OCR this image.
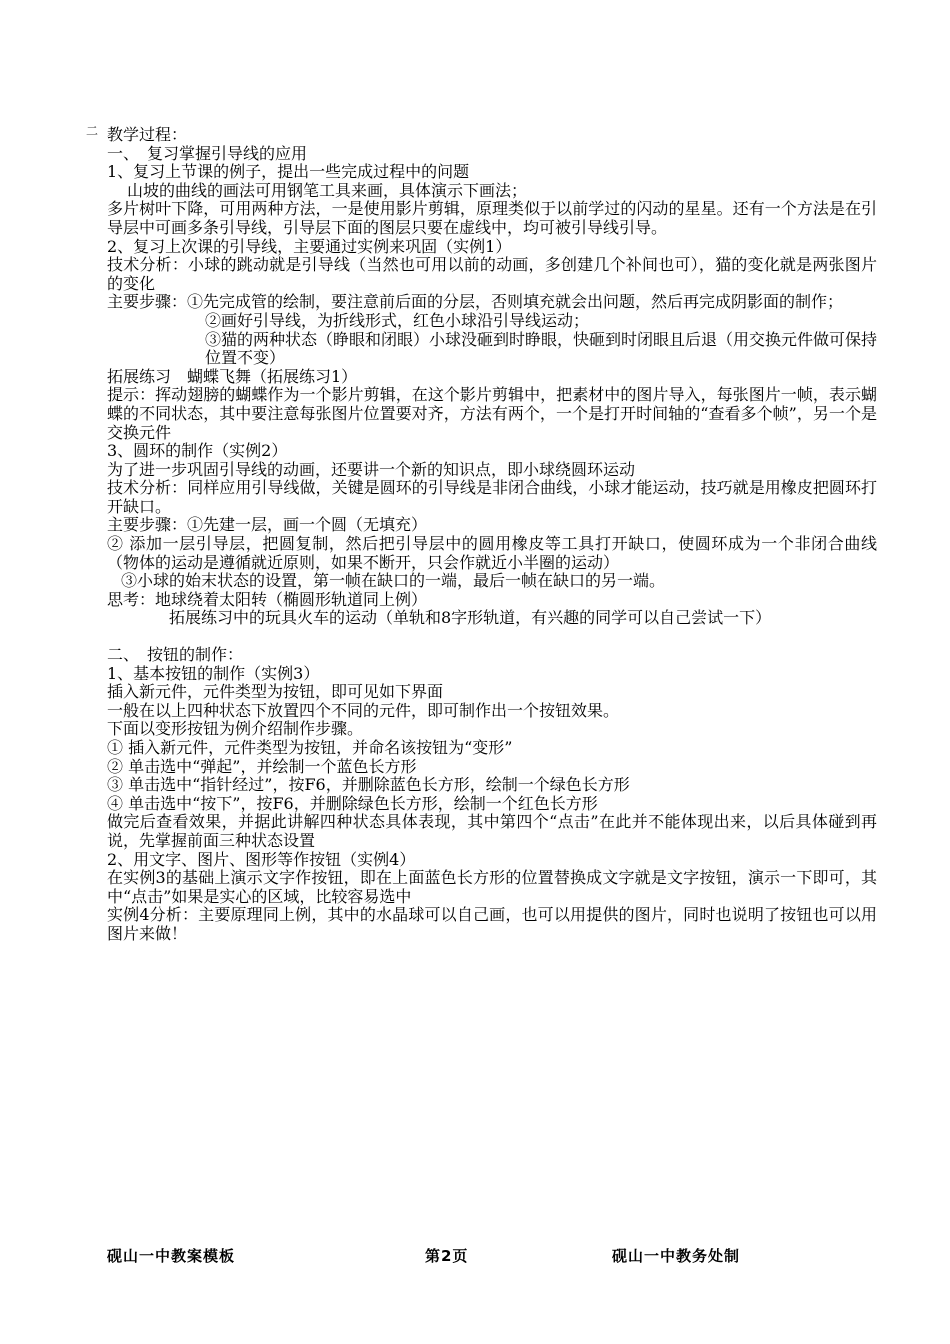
二 教学过程：

一、　复习掌握引导线的应用

1、复习上节课的例子，提出一些完成过程中的问题

山坡的曲线的画法可用钢笔工具来画，具体演示下画法；

多片树叶下降，可用两种方法，一是使用影片剪辑，原理类似于以前学过的闪动的星星。还有一个方法是在引导层中可画多条引导线，引导层下面的图层只要在虚线中，均可被引导线引导。

2、复习上次课的引导线，主要通过实例来巩固（实例1）

技术分析：小球的跳动就是引导线（当然也可用以前的动画，多创建几个补间也可），猫的变化就是两张图片的变化

主要步骤：①先完成管的绘制，要注意前后面的分层，否则填充就会出问题，然后再完成阴影面的制作；

②画好引导线，为折线形式，红色小球沿引导线运动；

③猫的两种状态（睁眼和闭眼）小球没砸到时睁眼，快砸到时闭眼且后退（用交换元件做可保持位置不变）

拓展练习　蝴蝶飞舞（拓展练习1）

提示：挥动翅膀的蝴蝶作为一个影片剪辑，在这个影片剪辑中，把素材中的图片导入，每张图片一帧，表示蝴蝶的不同状态，其中要注意每张图片位置要对齐，方法有两个，一个是打开时间轴的“查看多个帧”，另一个是交换元件

3、圆环的制作（实例2）

为了进一步巩固引导线的动画，还要讲一个新的知识点，即小球绕圆环运动

技术分析：同样应用引导线做，关键是圆环的引导线是非闭合曲线，小球才能运动，技巧就是用橡皮把圆环打开缺口。

主要步骤：①先建一层，画一个圆（无填充）

② 添加一层引导层，把圆复制，然后把引导层中的圆用橡皮等工具打开缺口，使圆环成为一个非闭合曲线（物体的运动是遵循就近原则，如果不断开，只会作就近小半圈的运动）

③小球的始末状态的设置，第一帧在缺口的一端，最后一帧在缺口的另一端。

思考：地球绕着太阳转（椭圆形轨道同上例）

拓展练习中的玩具火车的运动（单轨和8字形轨道，有兴趣的同学可以自己尝试一下）

二、　按钮的制作：

1、基本按钮的制作（实例3）

插入新元件，元件类型为按钮，即可见如下界面

一般在以上四种状态下放置四个不同的元件，即可制作出一个按钮效果。

下面以变形按钮为例介绍制作步骤。

① 插入新元件，元件类型为按钮，并命名该按钮为“变形”

② 单击选中“弹起”，并绘制一个蓝色长方形

③ 单击选中“指针经过”，按F6，并删除蓝色长方形，绘制一个绿色长方形

④ 单击选中“按下”，按F6，并删除绿色长方形，绘制一个红色长方形

做完后查看效果，并据此讲解四种状态具体表现，其中第四个“点击”在此并不能体现出来，以后具体碰到再说，先掌握前面三种状态设置

2、用文字、图片、图形等作按钮（实例4）

在实例3的基础上演示文字作按钮，即在上面蓝色长方形的位置替换成文字就是文字按钮，演示一下即可，其中“点击”如果是实心的区域，比较容易选中

实例4分析：主要原理同上例，其中的水晶球可以自己画，也可以用提供的图片，同时也说明了按钮也可以用图片来做！

砚山一中教案模板	第2页	砚山一中教务处制
